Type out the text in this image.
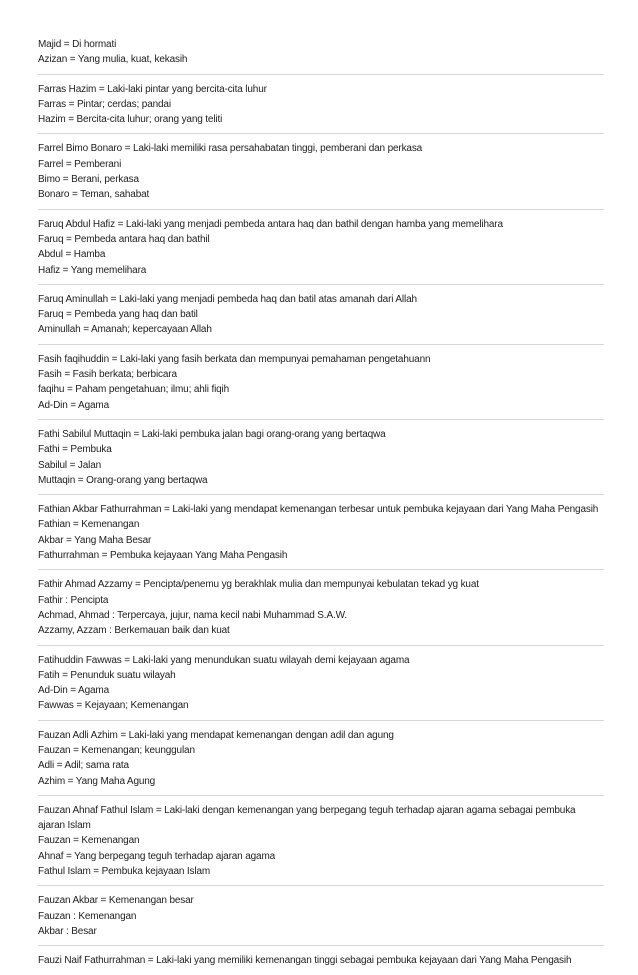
Majid = Di hormati
Azizan = Yang mulia, kuat, kekasih
Farras Hazim = Laki-laki pintar yang bercita-cita luhur
Farras = Pintar; cerdas; pandai
Hazim = Bercita-cita luhur; orang yang teliti
Farrel Bimo Bonaro = Laki-laki memiliki rasa persahabatan tinggi, pemberani dan perkasa
Farrel = Pemberani
Bimo = Berani, perkasa
Bonaro = Teman, sahabat
Faruq Abdul Hafiz = Laki-laki yang menjadi pembeda antara haq dan bathil dengan hamba yang memelihara
Faruq = Pembeda antara haq dan bathil
Abdul = Hamba
Hafiz = Yang memelihara
Faruq Aminullah = Laki-laki yang menjadi pembeda haq dan batil atas amanah dari Allah
Faruq = Pembeda yang haq dan batil
Aminullah = Amanah; kepercayaan Allah
Fasih faqihuddin = Laki-laki yang fasih berkata dan mempunyai pemahaman pengetahuann
Fasih = Fasih berkata; berbicara
faqihu = Paham pengetahuan; ilmu; ahli fiqih
Ad-Din = Agama
Fathi Sabilul Muttaqin = Laki-laki pembuka jalan bagi orang-orang yang bertaqwa
Fathi = Pembuka
Sabilul = Jalan
Muttaqin = Orang-orang yang bertaqwa
Fathian Akbar Fathurrahman = Laki-laki yang mendapat kemenangan terbesar untuk pembuka kejayaan dari Yang Maha Pengasih
Fathian = Kemenangan
Akbar = Yang Maha Besar
Fathurrahman = Pembuka kejayaan Yang Maha Pengasih
Fathir Ahmad Azzamy = Pencipta/penemu yg berakhlak mulia dan mempunyai kebulatan tekad yg kuat
Fathir : Pencipta
Achmad, Ahmad : Terpercaya, jujur, nama kecil nabi Muhammad S.A.W.
Azzamy, Azzam : Berkemauan baik dan kuat
Fatihuddin Fawwas = Laki-laki yang menundukan suatu wilayah demi kejayaan agama
Fatih = Penunduk suatu wilayah
Ad-Din = Agama
Fawwas = Kejayaan; Kemenangan
Fauzan Adli Azhim = Laki-laki yang mendapat kemenangan dengan adil dan agung
Fauzan = Kemenangan; keunggulan
Adli = Adil; sama rata
Azhim = Yang Maha Agung
Fauzan Ahnaf Fathul Islam = Laki-laki dengan kemenangan yang berpegang teguh terhadap ajaran agama sebagai pembuka ajaran Islam
Fauzan = Kemenangan
Ahnaf = Yang berpegang teguh terhadap ajaran agama
Fathul Islam = Pembuka kejayaan Islam
Fauzan Akbar = Kemenangan besar
Fauzan : Kemenangan
Akbar : Besar
Fauzi Naif Fathurrahman = Laki-laki yang memiliki kemenangan tinggi sebagai pembuka kejayaan dari Yang Maha Pengasih
